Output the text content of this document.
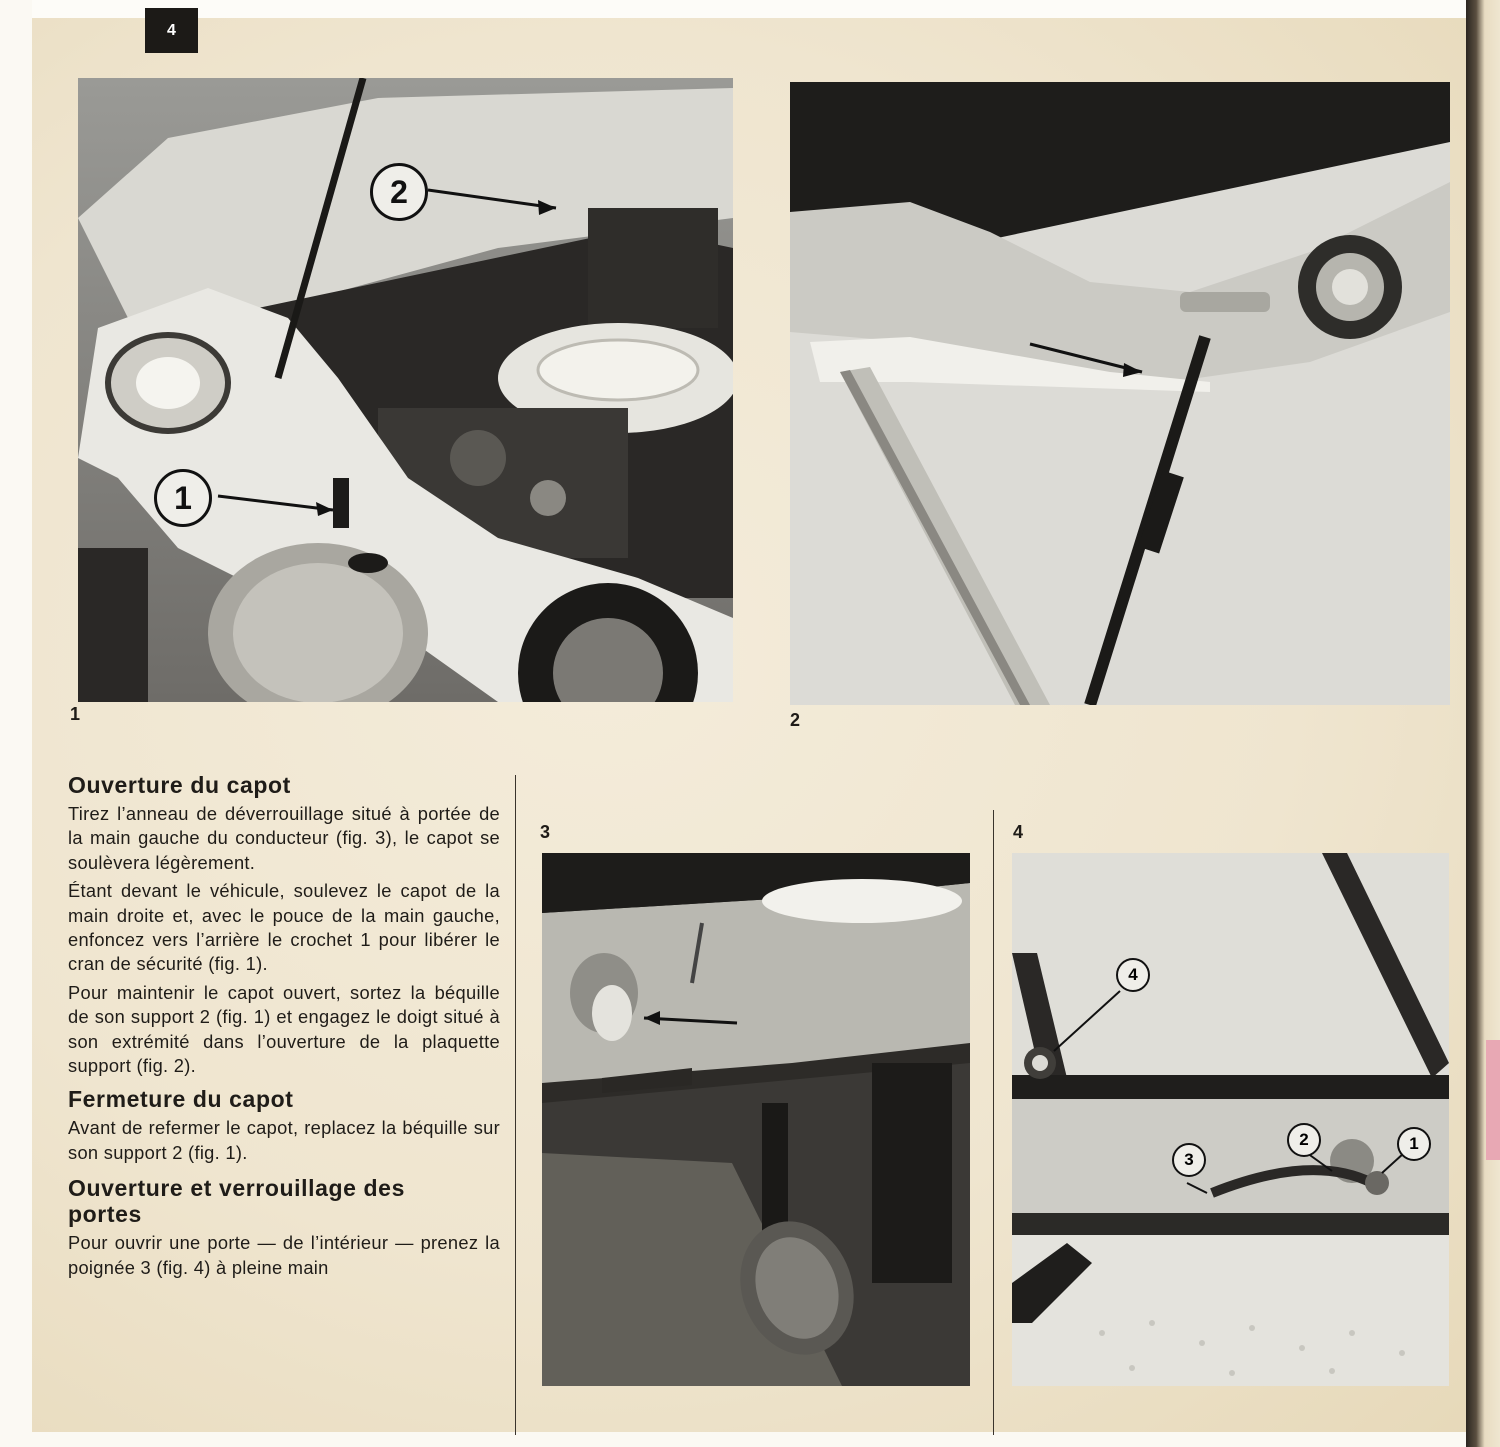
4
1
2
1	2
3	4
4
3
2	1
Ouverture du capot

Tirez l’anneau de déverrouillage situé à portée de la main gauche du conducteur (fig. 3), le capot se soulèvera légèrement.

Étant devant le véhicule, soulevez le capot de la main droite et, avec le pouce de la main gauche, enfoncez vers l’arrière le crochet 1 pour libérer le cran de sécurité (fig. 1).

Pour maintenir le capot ouvert, sortez la béquille de son support 2 (fig. 1) et engagez le doigt situé à son extrémité dans l’ouverture de la plaquette support (fig. 2).

Fermeture du capot

Avant de refermer le capot, replacez la béquille sur son support 2 (fig. 1).

Ouverture et verrouillage des portes

Pour ouvrir une porte — de l’intérieur — prenez la poignée 3 (fig. 4) à pleine main
